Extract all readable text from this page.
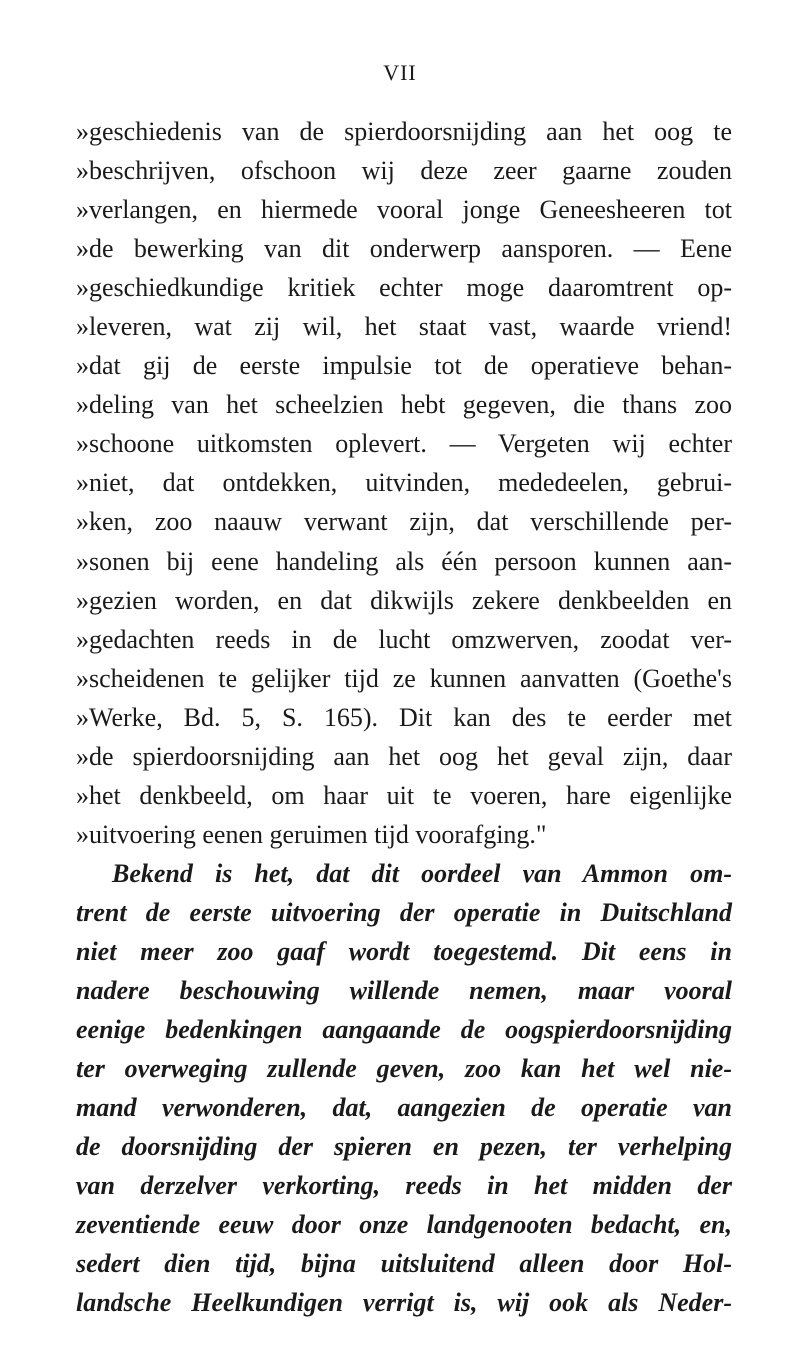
VII
»geschiedenis van de spierdoorsnijding aan het oog te
»beschrijven, ofschoon wij deze zeer gaarne zouden
»verlangen, en hiermede vooral jonge Geneesheeren tot
»de bewerking van dit onderwerp aansporen. — Eene
»geschiedkundige kritiek echter moge daaromtrent op-
»leveren, wat zij wil, het staat vast, waarde vriend!
»dat gij de eerste impulsie tot de operatieve behan-
»deling van het scheelzien hebt gegeven, die thans zoo
»schoone uitkomsten oplevert. — Vergeten wij echter
»niet, dat ontdekken, uitvinden, mededeelen, gebrui-
»ken, zoo naauw verwant zijn, dat verschillende per-
»sonen bij eene handeling als één persoon kunnen aan-
»gezien worden, en dat dikwijls zekere denkbeelden en
»gedachten reeds in de lucht omzwerven, zoodat ver-
»scheidenen te gelijker tijd ze kunnen aanvatten (Goethe's
»Werke, Bd. 5, S. 165). Dit kan des te eerder met
»de spierdoorsnijding aan het oog het geval zijn, daar
»het denkbeeld, om haar uit te voeren, hare eigenlijke
»uitvoering eenen geruimen tijd voorafging."
Bekend is het, dat dit oordeel van Ammon om-
trent de eerste uitvoering der operatie in Duitschland
niet meer zoo gaaf wordt toegestemd. Dit eens in
nadere beschouwing willende nemen, maar vooral
eenige bedenkingen aangaande de oogspierdoorsnijding
ter overweging zullende geven, zoo kan het wel nie-
mand verwonderen, dat, aangezien de operatie van
de doorsnijding der spieren en pezen, ter verhelping
van derzelver verkorting, reeds in het midden der
zeventiende eeuw door onze landgenooten bedacht, en,
sedert dien tijd, bijna uitsluitend alleen door Hol-
landsche Heelkundigen verrigt is, wij ook als Neder-
